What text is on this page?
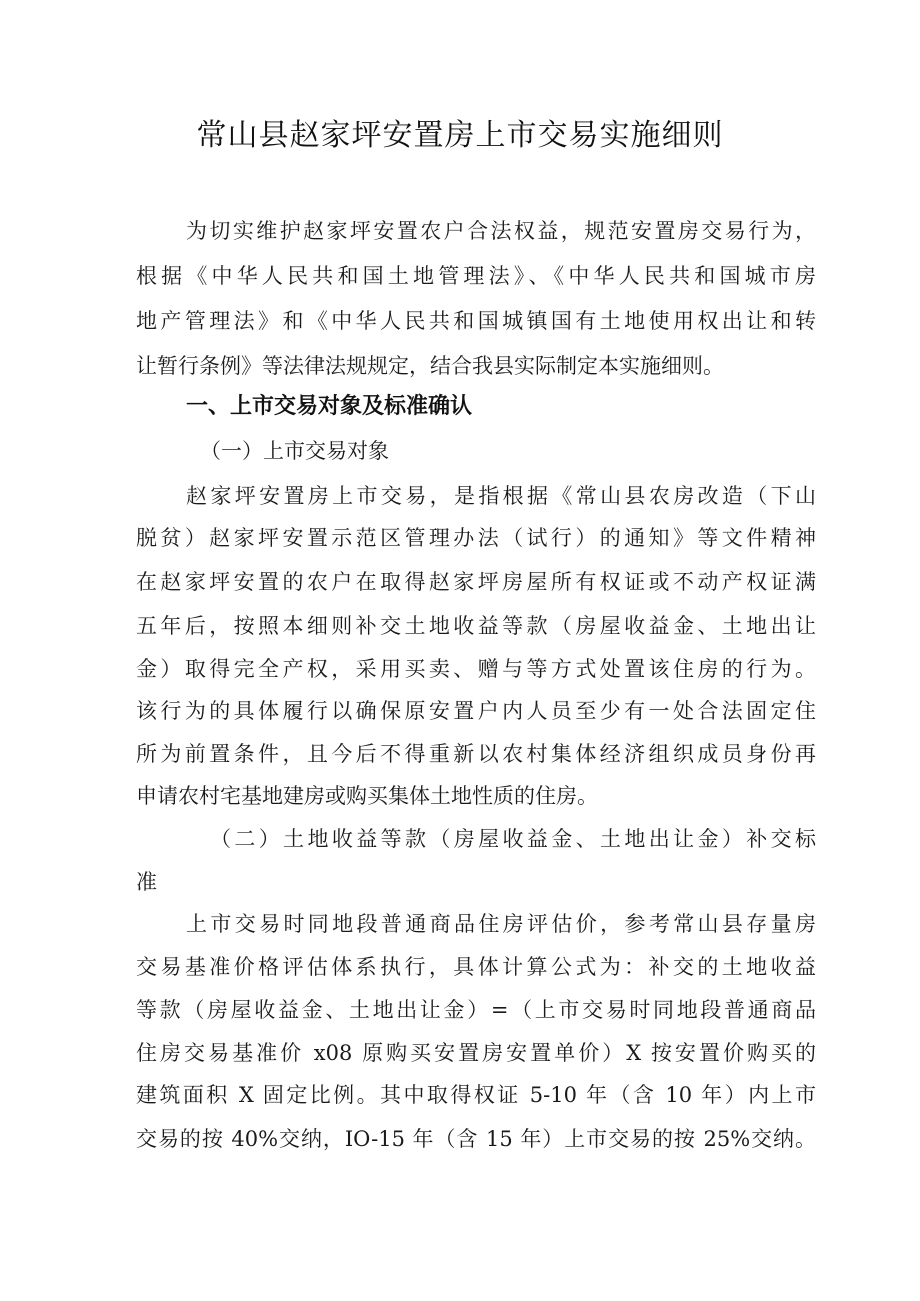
常山县赵家坪安置房上市交易实施细则
为切实维护赵家坪安置农户合法权益，规范安置房交易行为，
根据《中华人民共和国土地管理法》、《中华人民共和国城市房
地产管理法》和《中华人民共和国城镇国有土地使用权出让和转
让暂行条例》等法律法规规定，结合我县实际制定本实施细则。
一、上市交易对象及标准确认
（一）上市交易对象
赵家坪安置房上市交易，是指根据《常山县农房改造（下山
脱贫）赵家坪安置示范区管理办法（试行）的通知》等文件精神
在赵家坪安置的农户在取得赵家坪房屋所有权证或不动产权证满
五年后，按照本细则补交土地收益等款（房屋收益金、土地出让
金）取得完全产权，采用买卖、赠与等方式处置该住房的行为。
该行为的具体履行以确保原安置户内人员至少有一处合法固定住
所为前置条件，且今后不得重新以农村集体经济组织成员身份再
申请农村宅基地建房或购买集体土地性质的住房。
（二）土地收益等款（房屋收益金、土地出让金）补交标
准
上市交易时同地段普通商品住房评估价，参考常山县存量房
交易基准价格评估体系执行，具体计算公式为：补交的土地收益
等款（房屋收益金、土地出让金）=（上市交易时同地段普通商品
住房交易基准价 x08 原购买安置房安置单价）X 按安置价购买的
建筑面积 X 固定比例。其中取得权证 5-10 年（含 10 年）内上市
交易的按 40%交纳，IO-15 年（含 15 年）上市交易的按 25%交纳。
